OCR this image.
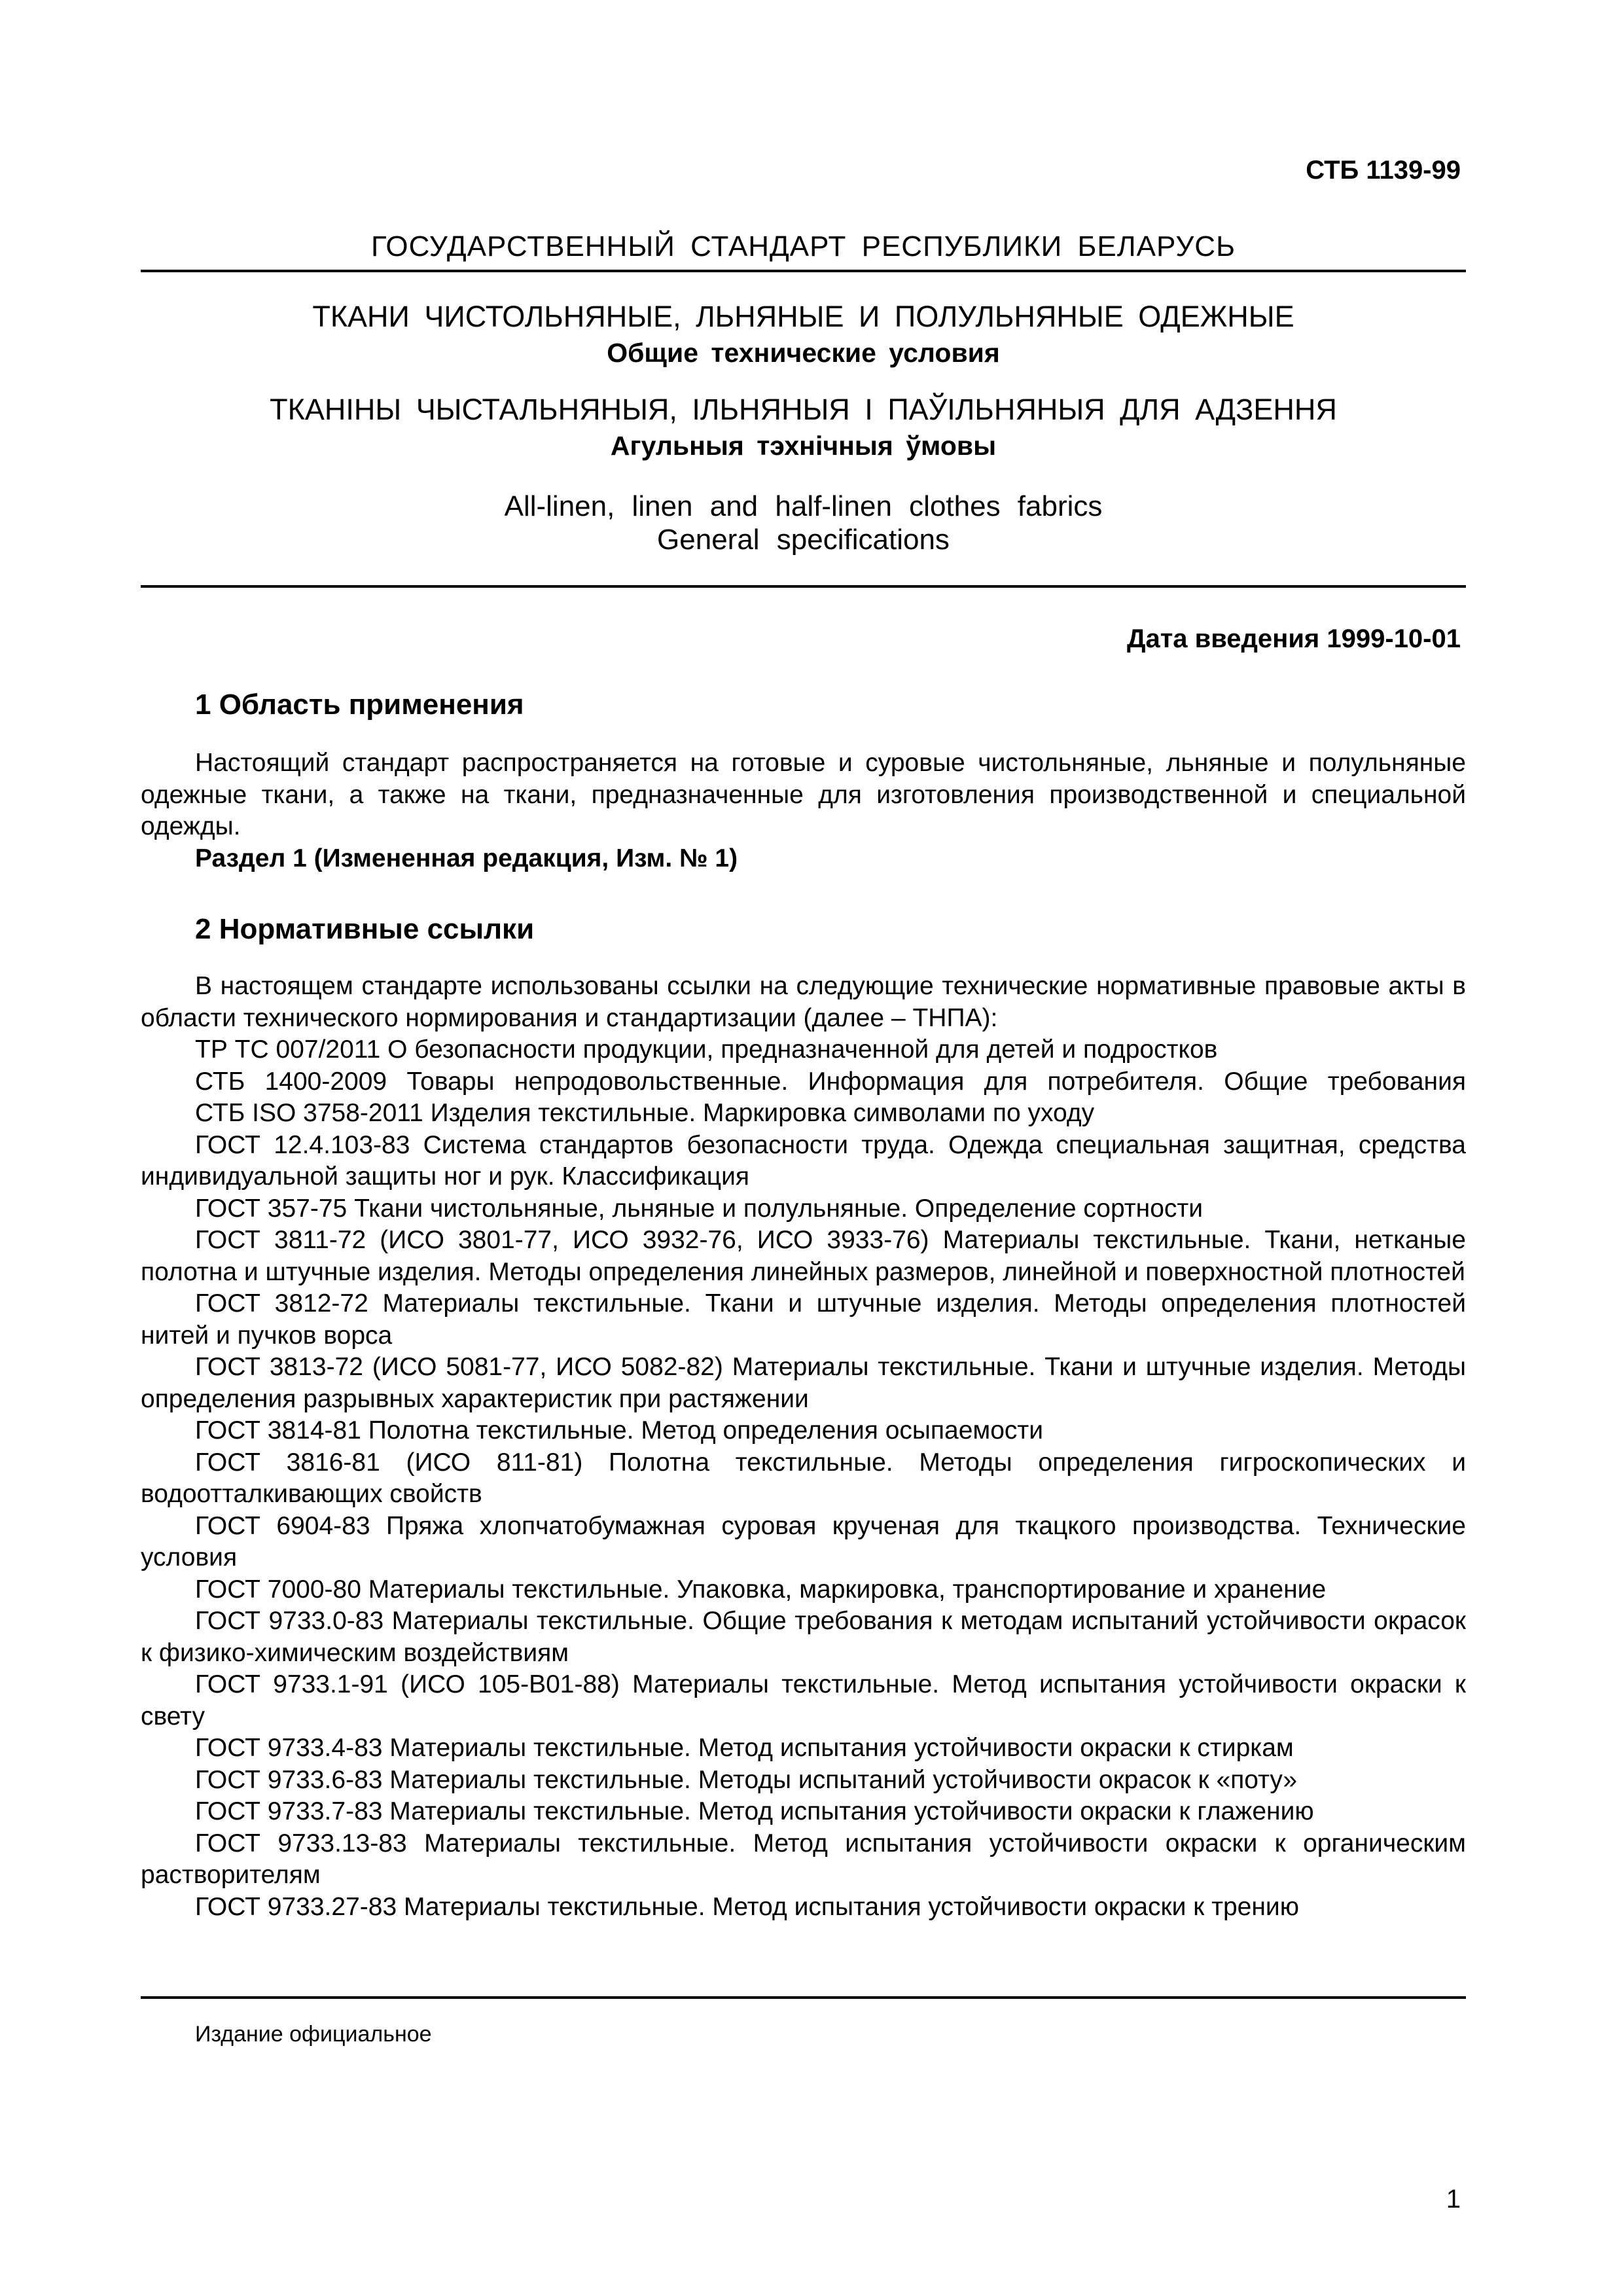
СТБ 1139-99
ГОСУДАРСТВЕННЫЙ СТАНДАРТ РЕСПУБЛИКИ БЕЛАРУСЬ
ТКАНИ ЧИСТОЛЬНЯНЫЕ, ЛЬНЯНЫЕ И ПОЛУЛЬНЯНЫЕ ОДЕЖНЫЕ
Общие технические условия
ТКАНІНЫ ЧЫСТАЛЬНЯНЫЯ, ІЛЬНЯНЫЯ І ПАЎІЛЬНЯНЫЯ ДЛЯ АДЗЕННЯ
Агульныя тэхнічныя ўмовы
All-linen, linen and half-linen clothes fabrics
General specifications
Дата введения 1999-10-01
1 Область применения

Настоящий стандарт распространяется на готовые и суровые чистольняные, льняные и полульняные одежные ткани, а также на ткани, предназначенные для изготовления производственной и специальной одежды.

Раздел 1 (Измененная редакция, Изм. № 1)

2 Нормативные ссылки

В настоящем стандарте использованы ссылки на следующие технические нормативные правовые акты в области технического нормирования и стандартизации (далее – ТНПА):

ТР ТС 007/2011 О безопасности продукции, предназначенной для детей и подростков

СТБ 1400-2009 Товары непродовольственные. Информация для потребителя. Общие требования

СТБ ISO 3758-2011 Изделия текстильные. Маркировка символами по уходу

ГОСТ 12.4.103-83 Система стандартов безопасности труда. Одежда специальная защитная, средства индивидуальной защиты ног и рук. Классификация

ГОСТ 357-75 Ткани чистольняные, льняные и полульняные. Определение сортности

ГОСТ 3811-72 (ИСО 3801-77, ИСО 3932-76, ИСО 3933-76) Материалы текстильные. Ткани, нетканые полотна и штучные изделия. Методы определения линейных размеров, линейной и поверхностной плотностей

ГОСТ 3812-72 Материалы текстильные. Ткани и штучные изделия. Методы определения плотностей нитей и пучков ворса

ГОСТ 3813-72 (ИСО 5081-77, ИСО 5082-82) Материалы текстильные. Ткани и штучные изделия. Методы определения разрывных характеристик при растяжении

ГОСТ 3814-81 Полотна текстильные. Метод определения осыпаемости

ГОСТ 3816-81 (ИСО 811-81) Полотна текстильные. Методы определения гигроскопических и водоотталкивающих свойств

ГОСТ 6904-83 Пряжа хлопчатобумажная суровая крученая для ткацкого производства. Технические условия

ГОСТ 7000-80 Материалы текстильные. Упаковка, маркировка, транспортирование и хранение

ГОСТ 9733.0-83 Материалы текстильные. Общие требования к методам испытаний устойчивости окрасок к физико-химическим воздействиям

ГОСТ 9733.1-91 (ИСО 105-В01-88) Материалы текстильные. Метод испытания устойчивости окраски к свету

ГОСТ 9733.4-83 Материалы текстильные. Метод испытания устойчивости окраски к стиркам

ГОСТ 9733.6-83 Материалы текстильные. Методы испытаний устойчивости окрасок к «поту»

ГОСТ 9733.7-83 Материалы текстильные. Метод испытания устойчивости окраски к глажению

ГОСТ 9733.13-83 Материалы текстильные. Метод испытания устойчивости окраски к органическим растворителям

ГОСТ 9733.27-83 Материалы текстильные. Метод испытания устойчивости окраски к трению

Издание официальное
1
